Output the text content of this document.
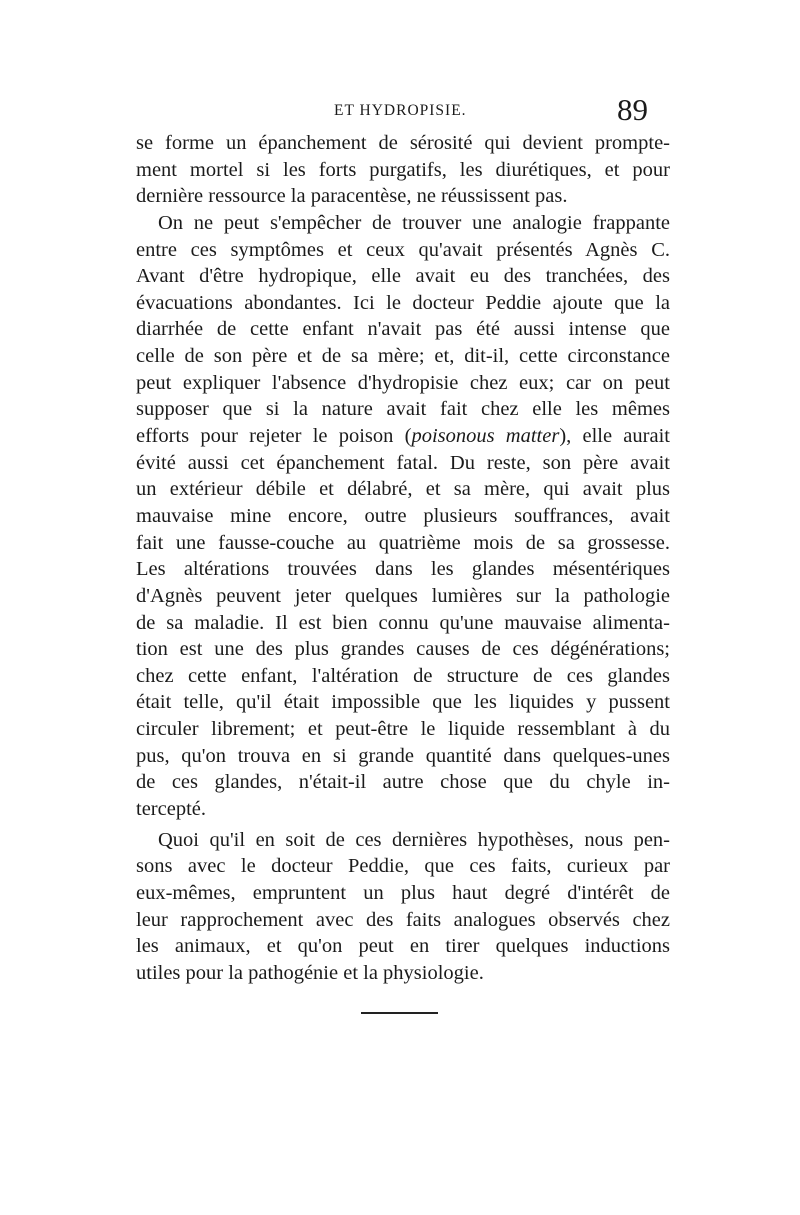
ET HYDROPISIE.	89
se forme un épanchement de sérosité qui devient prompte-
ment mortel si les forts purgatifs, les diurétiques, et pour
dernière ressource la paracentèse, ne réussissent pas.
On ne peut s'empêcher de trouver une analogie frappante
entre ces symptômes et ceux qu'avait présentés Agnès C.
Avant d'être hydropique, elle avait eu des tranchées, des
évacuations abondantes. Ici le docteur Peddie ajoute que la
diarrhée de cette enfant n'avait pas été aussi intense que
celle de son père et de sa mère; et, dit-il, cette circonstance
peut expliquer l'absence d'hydropisie chez eux; car on peut
supposer que si la nature avait fait chez elle les mêmes
efforts pour rejeter le poison (poisonous matter), elle aurait
évité aussi cet épanchement fatal. Du reste, son père avait
un extérieur débile et délabré, et sa mère, qui avait plus
mauvaise mine encore, outre plusieurs souffrances, avait
fait une fausse-couche au quatrième mois de sa grossesse.
Les altérations trouvées dans les glandes mésentériques
d'Agnès peuvent jeter quelques lumières sur la pathologie
de sa maladie. Il est bien connu qu'une mauvaise alimenta-
tion est une des plus grandes causes de ces dégénérations;
chez cette enfant, l'altération de structure de ces glandes
était telle, qu'il était impossible que les liquides y pussent
circuler librement; et peut-être le liquide ressemblant à du
pus, qu'on trouva en si grande quantité dans quelques-unes
de ces glandes, n'était-il autre chose que du chyle in-
tercepté.
Quoi qu'il en soit de ces dernières hypothèses, nous pen-
sons avec le docteur Peddie, que ces faits, curieux par
eux-mêmes, empruntent un plus haut degré d'intérêt de
leur rapprochement avec des faits analogues observés chez
les animaux, et qu'on peut en tirer quelques inductions
utiles pour la pathogénie et la physiologie.
